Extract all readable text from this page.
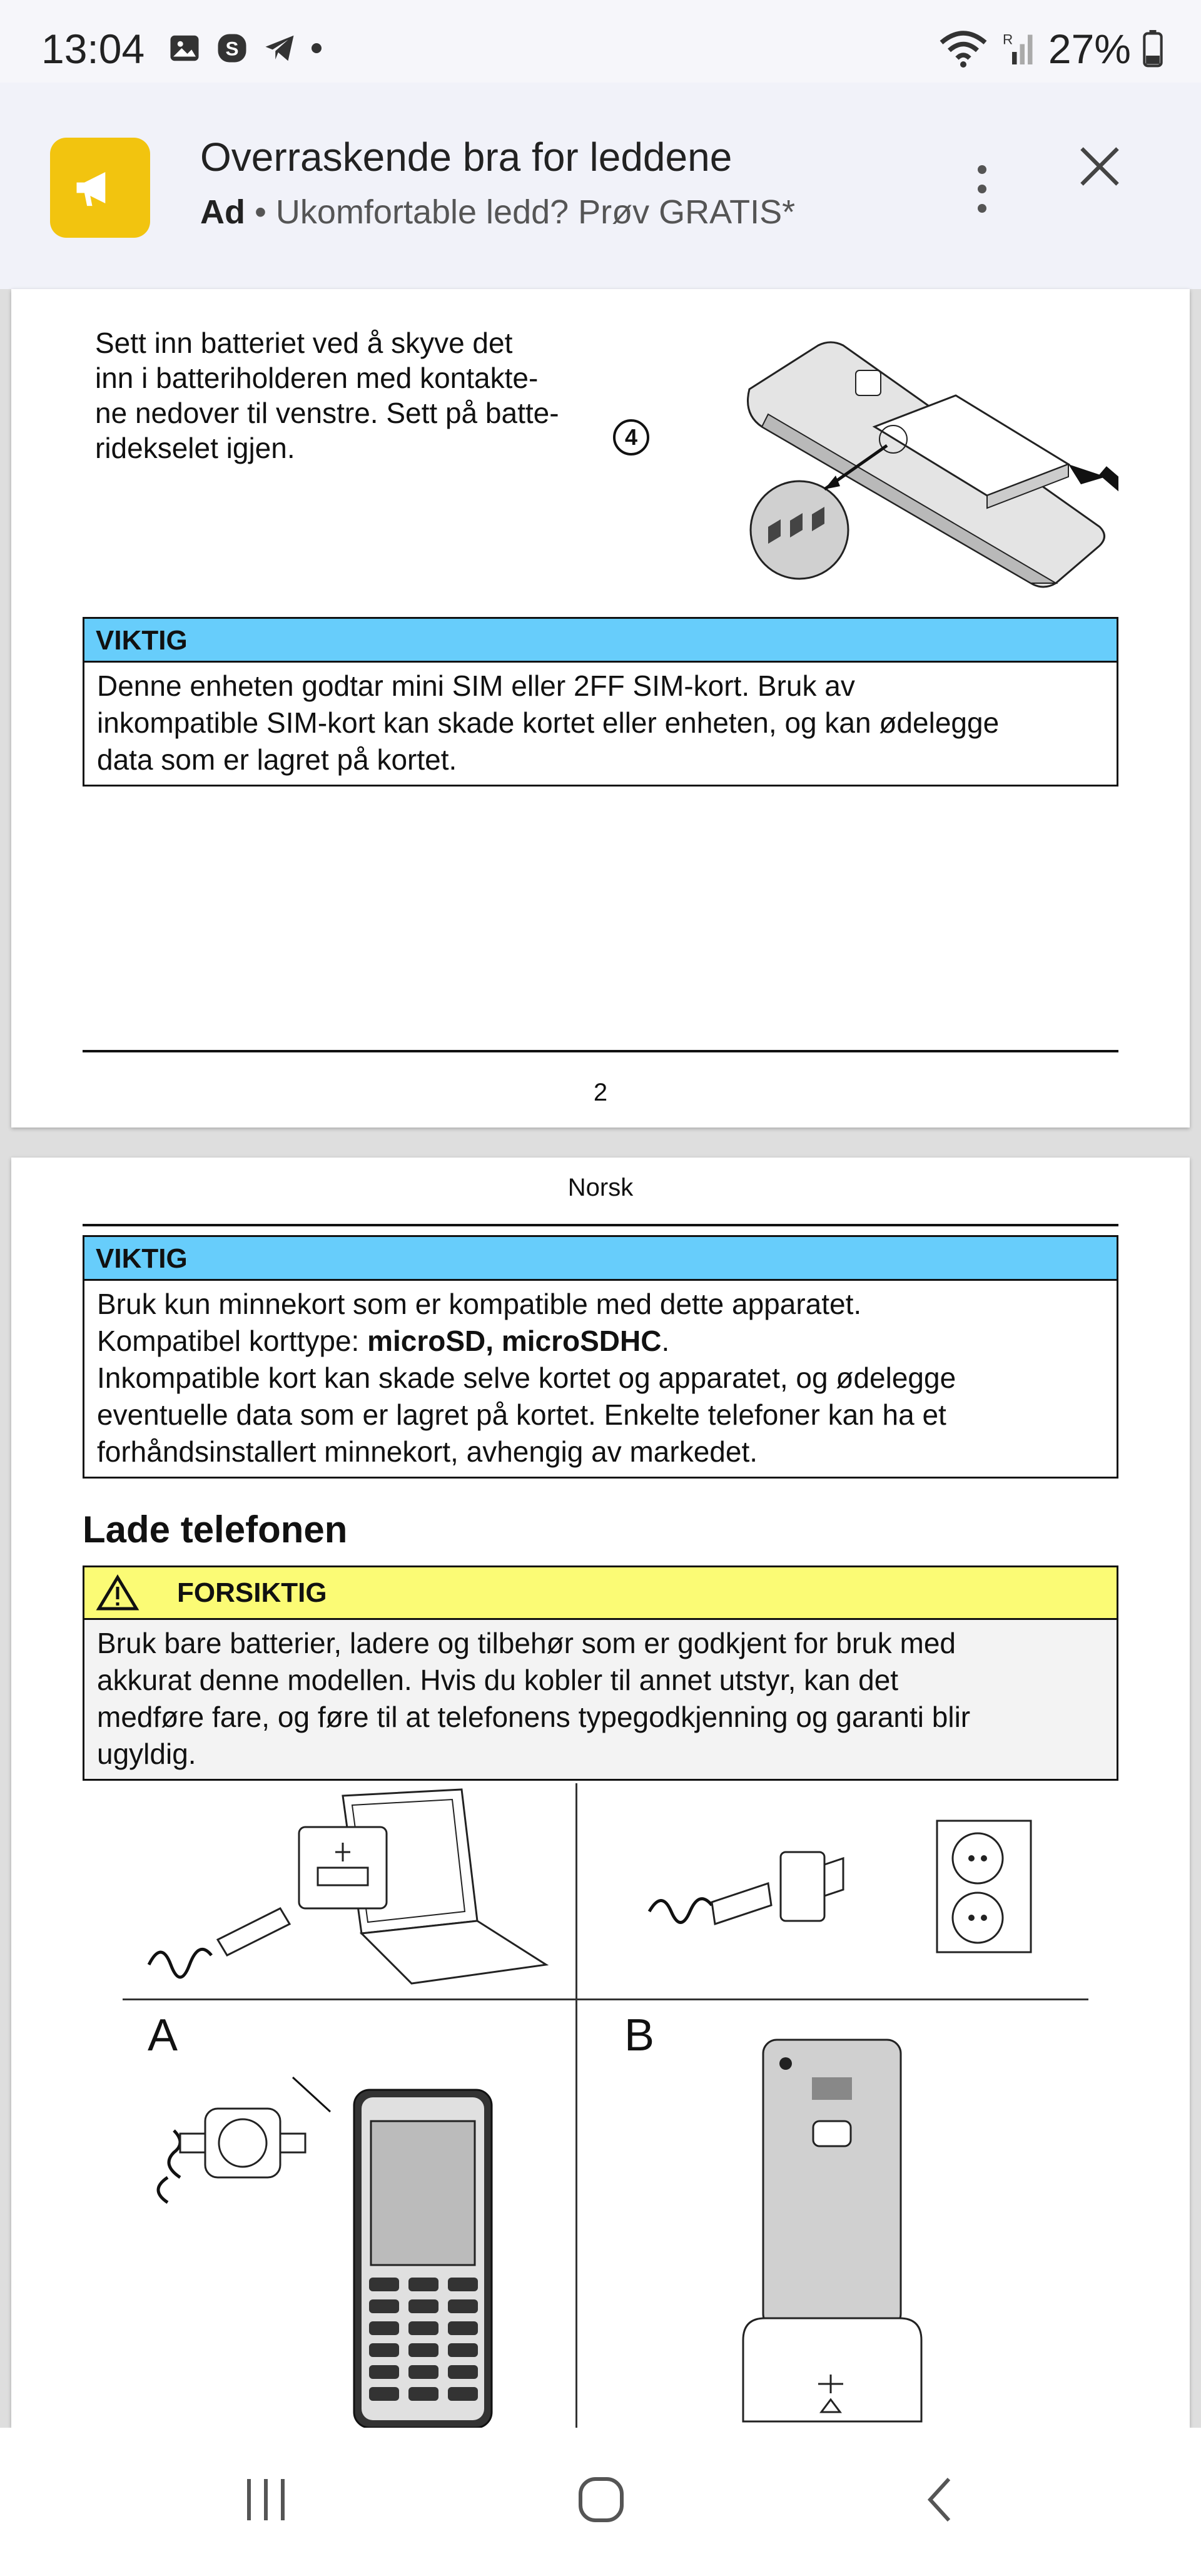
13:04	S	R 27%
Overraskende bra for leddene
Ad • Ukomfortable ledd? Prøv GRATIS*
Sett inn batteriet ved å skyve det
inn i batteriholderen med kontakte-
ne nedover til venstre. Sett på batte-
ridekselet igjen.	4
VIKTIG
Denne enheten godtar mini SIM eller 2FF SIM-kort. Bruk av
inkompatible SIM-kort kan skade kortet eller enheten, og kan ødelegge
data som er lagret på kortet.
2
Norsk
VIKTIG
Bruk kun minnekort som er kompatible med dette apparatet.
Kompatibel korttype: microSD, microSDHC.
Inkompatible kort kan skade selve kortet og apparatet, og ødelegge
eventuelle data som er lagret på kortet. Enkelte telefoner kan ha et
forhåndsinstallert minnekort, avhengig av markedet.
Lade telefonen
FORSIKTIG
Bruk bare batterier, ladere og tilbehør som er godkjent for bruk med
akkurat denne modellen. Hvis du kobler til annet utstyr, kan det
medføre fare, og føre til at telefonens typegodkjenning og garanti blir
ugyldig.
A	B
